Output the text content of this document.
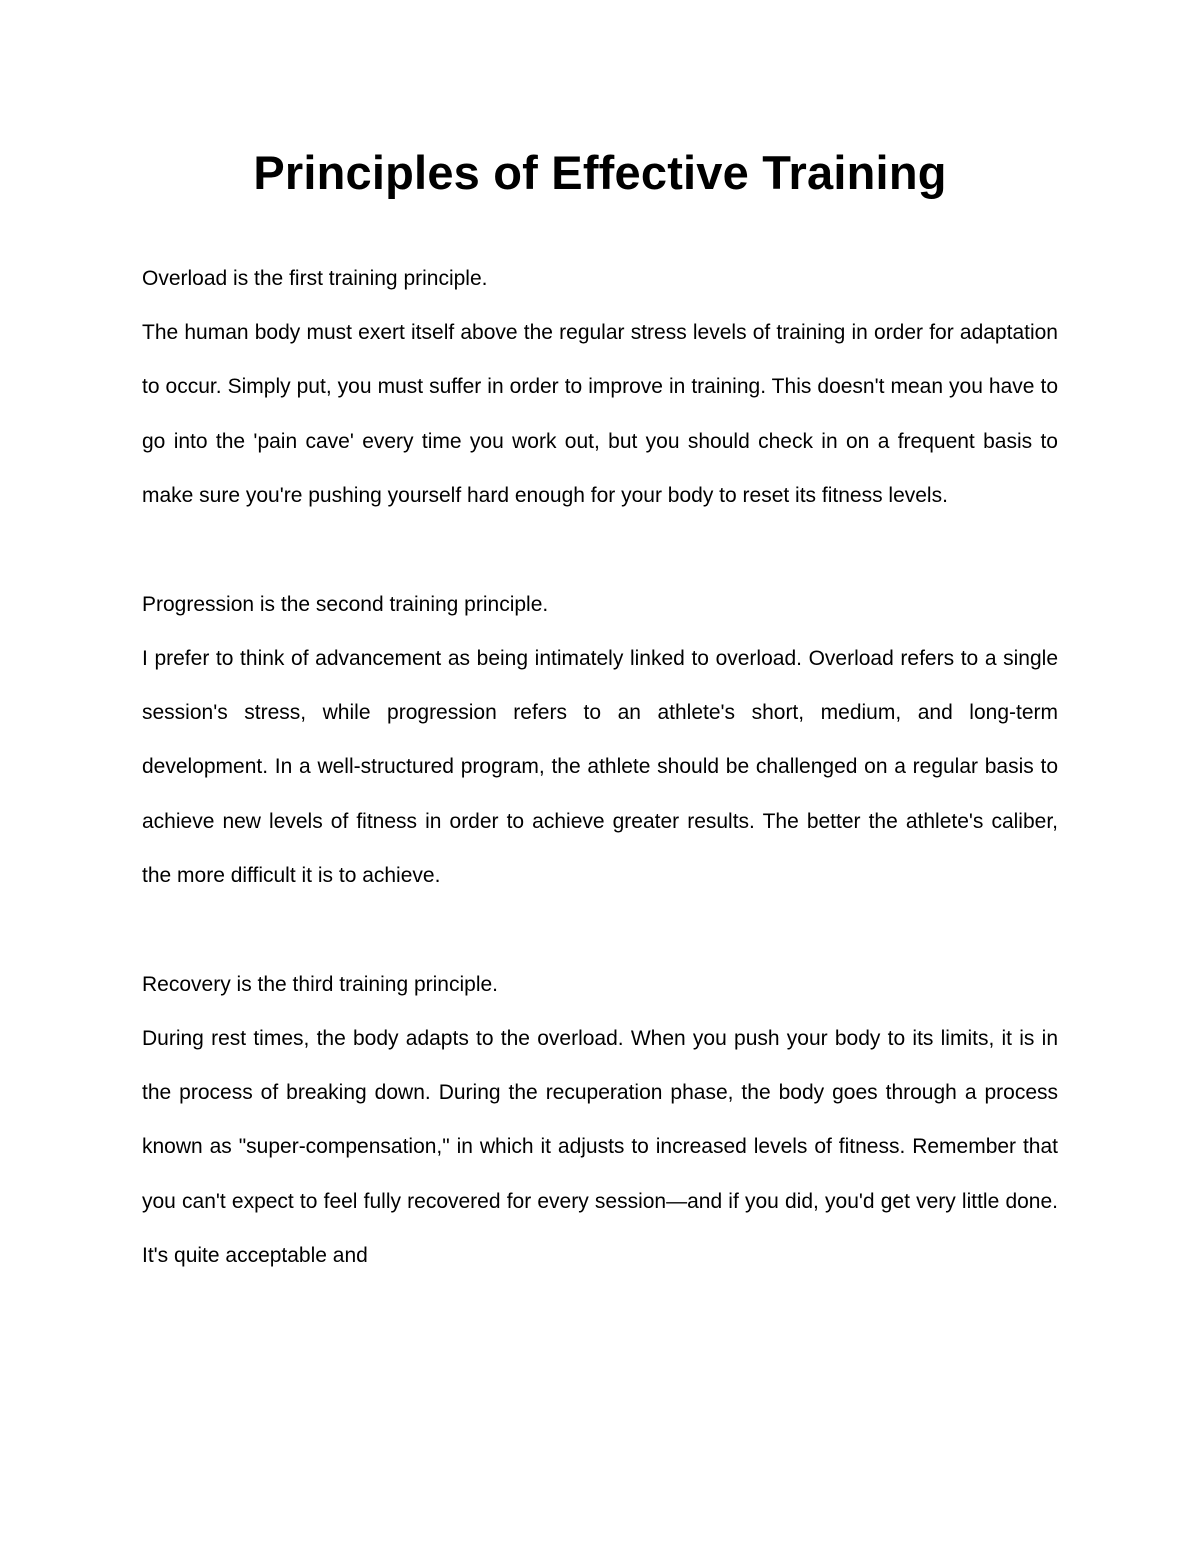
Principles of Effective Training

Overload is the first training principle.

The human body must exert itself above the regular stress levels of training in order for adaptation to occur. Simply put, you must suffer in order to improve in training. This doesn't mean you have to go into the 'pain cave' every time you work out, but you should check in on a frequent basis to make sure you're pushing yourself hard enough for your body to reset its fitness levels.

Progression is the second training principle.

I prefer to think of advancement as being intimately linked to overload. Overload refers to a single session's stress, while progression refers to an athlete's short, medium, and long-term development. In a well-structured program, the athlete should be challenged on a regular basis to achieve new levels of fitness in order to achieve greater results. The better the athlete's caliber, the more difficult it is to achieve.

Recovery is the third training principle.

During rest times, the body adapts to the overload. When you push your body to its limits, it is in the process of breaking down. During the recuperation phase, the body goes through a process known as "super-compensation," in which it adjusts to increased levels of fitness. Remember that you can't expect to feel fully recovered for every session—and if you did, you'd get very little done. It's quite acceptable and
